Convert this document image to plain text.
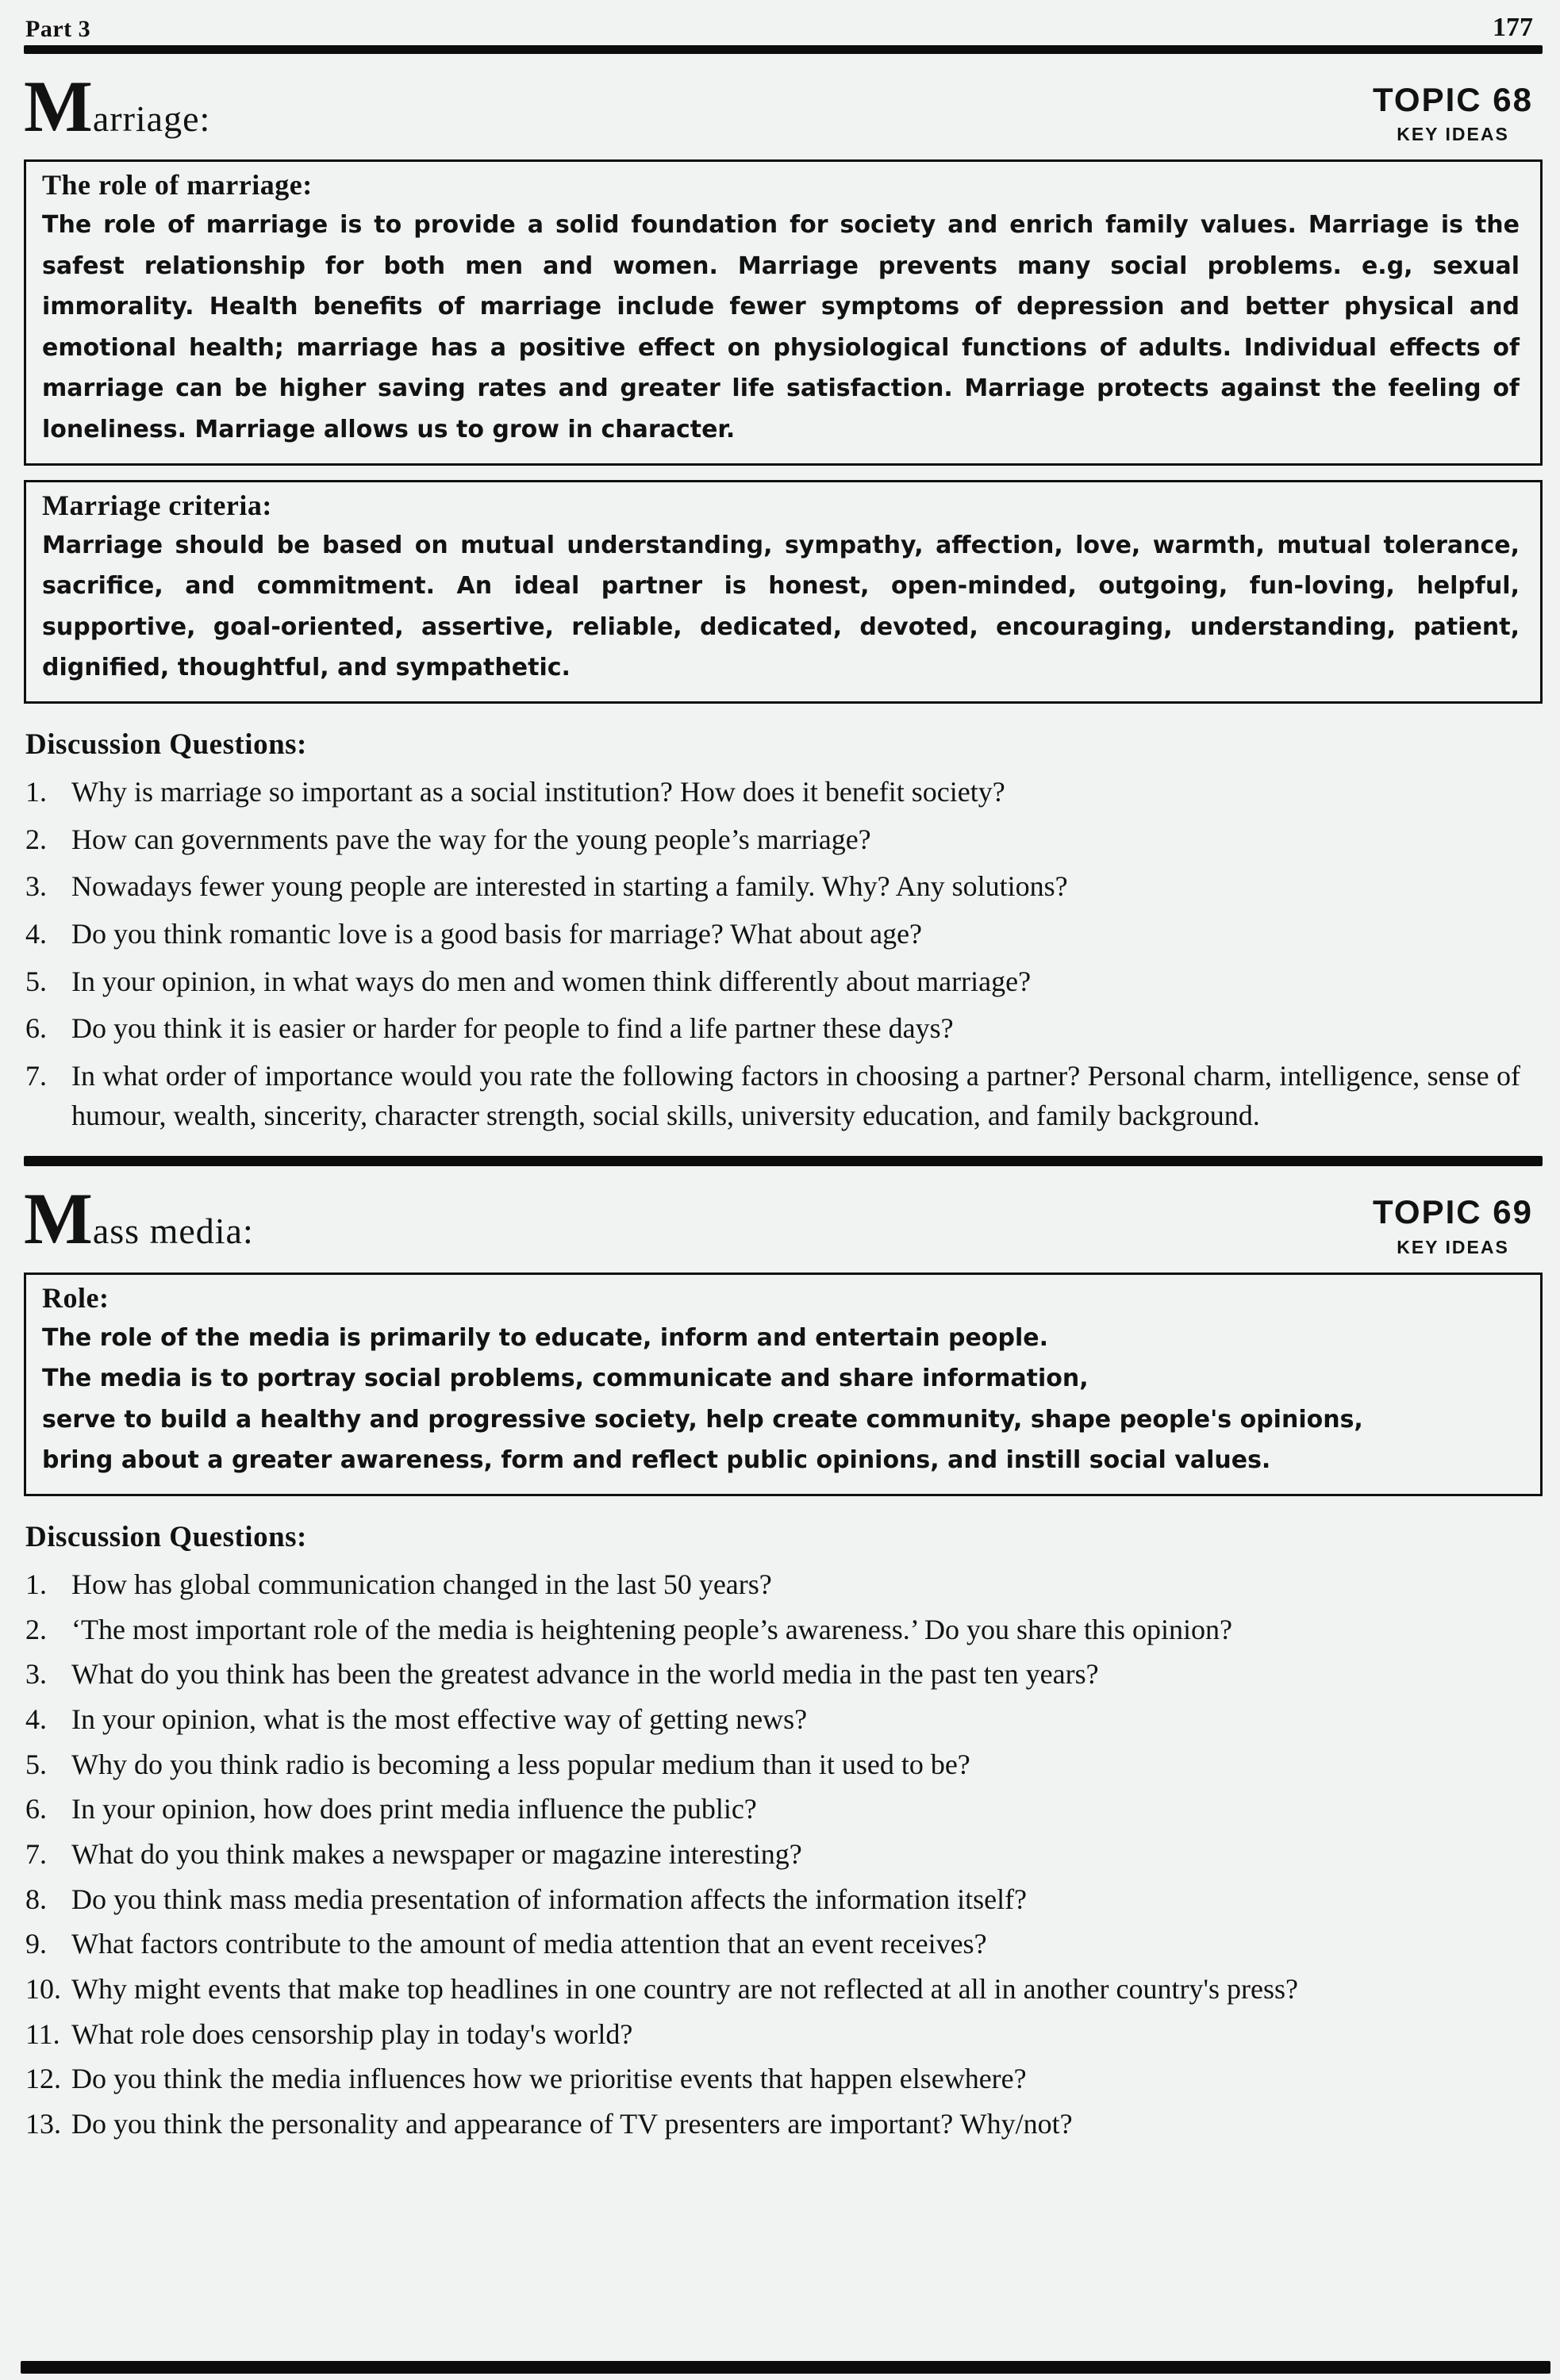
Part 3	177
Marriage:	TOPIC 68
KEY IDEAS
The role of marriage:
The role of marriage is to provide a solid foundation for society and enrich family values. Marriage is the safest relationship for both men and women. Marriage prevents many social problems. e.g, sexual immorality. Health benefits of marriage include fewer symptoms of depression and better physical and emotional health; marriage has a positive effect on physiological functions of adults. Individual effects of marriage can be higher saving rates and greater life satisfaction. Marriage protects against the feeling of loneliness. Marriage allows us to grow in character.
Marriage criteria:
Marriage should be based on mutual understanding, sympathy, affection, love, warmth, mutual tolerance, sacrifice, and commitment. An ideal partner is honest, open-minded, outgoing, fun-loving, helpful, supportive, goal-oriented, assertive, reliable, dedicated, devoted, encouraging, understanding, patient, dignified, thoughtful, and sympathetic.
Discussion Questions:
1. Why is marriage so important as a social institution? How does it benefit society?
2. How can governments pave the way for the young people’s marriage?
3. Nowadays fewer young people are interested in starting a family. Why? Any solutions?
4. Do you think romantic love is a good basis for marriage? What about age?
5. In your opinion, in what ways do men and women think differently about marriage?
6. Do you think it is easier or harder for people to find a life partner these days?
7. In what order of importance would you rate the following factors in choosing a partner? Personal charm, intelligence, sense of humour, wealth, sincerity, character strength, social skills, university education, and family background.
Mass media:	TOPIC 69
KEY IDEAS
Role:
The role of the media is primarily to educate, inform and entertain people.
The media is to portray social problems, communicate and share information,
serve to build a healthy and progressive society, help create community, shape people's opinions,
bring about a greater awareness, form and reflect public opinions, and instill social values.
Discussion Questions:
1. How has global communication changed in the last 50 years?
2. ‘The most important role of the media is heightening people’s awareness.’ Do you share this opinion?
3. What do you think has been the greatest advance in the world media in the past ten years?
4. In your opinion, what is the most effective way of getting news?
5. Why do you think radio is becoming a less popular medium than it used to be?
6. In your opinion, how does print media influence the public?
7. What do you think makes a newspaper or magazine interesting?
8. Do you think mass media presentation of information affects the information itself?
9. What factors contribute to the amount of media attention that an event receives?
10. Why might events that make top headlines in one country are not reflected at all in another country's press?
11. What role does censorship play in today's world?
12. Do you think the media influences how we prioritise events that happen elsewhere?
13. Do you think the personality and appearance of TV presenters are important? Why/not?
